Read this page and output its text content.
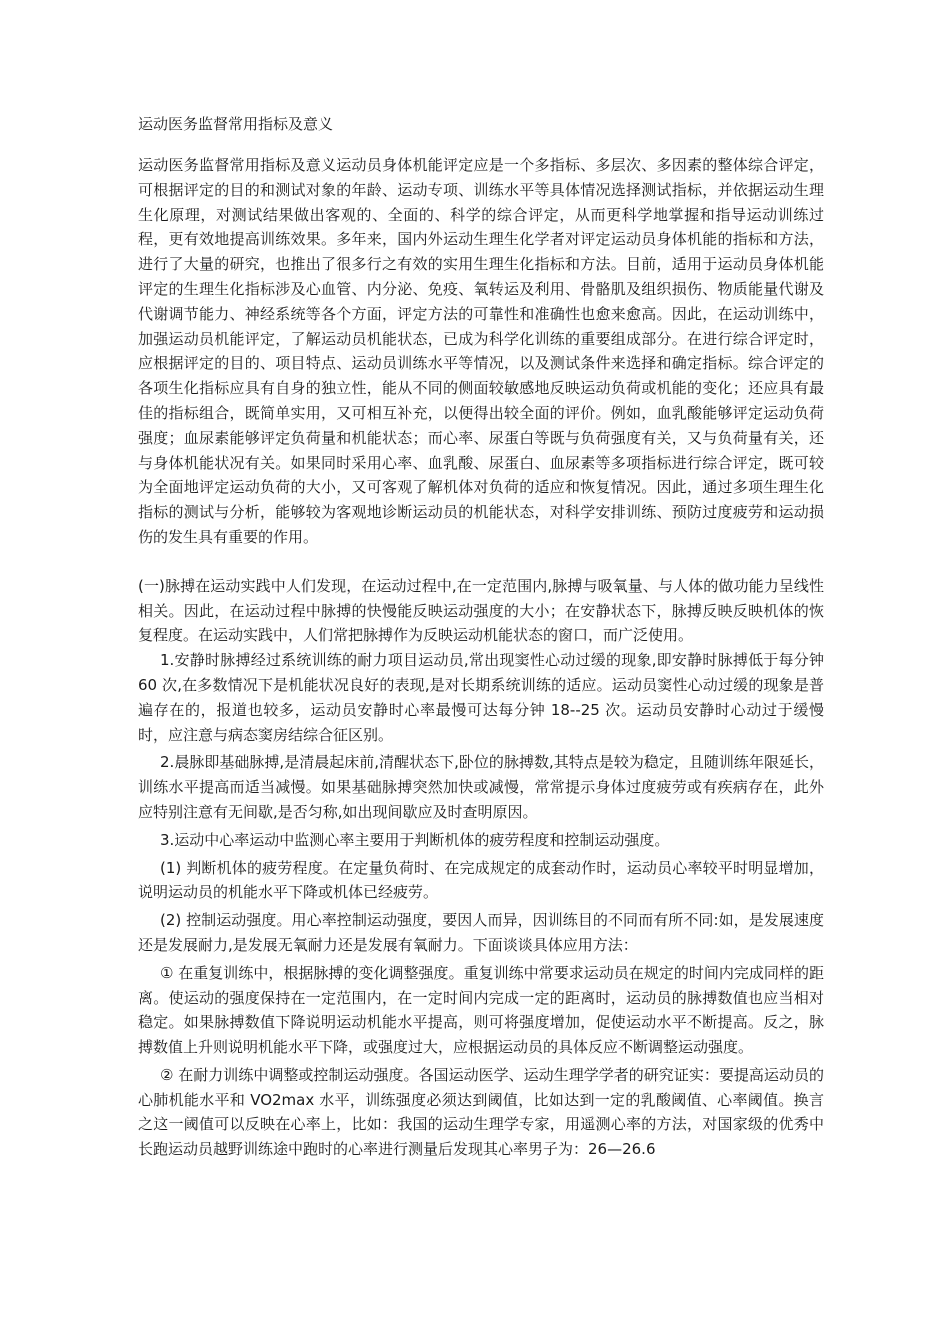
运动医务监督常用指标及意义

运动医务监督常用指标及意义运动员身体机能评定应是一个多指标、多层次、多因素的整体综合评定，可根据评定的目的和测试对象的年龄、运动专项、训练水平等具体情况选择测试指标，并依据运动生理生化原理，对测试结果做出客观的、全面的、科学的综合评定，从而更科学地掌握和指导运动训练过程，更有效地提高训练效果。多年来，国内外运动生理生化学者对评定运动员身体机能的指标和方法，进行了大量的研究，也推出了很多行之有效的实用生理生化指标和方法。目前，适用于运动员身体机能评定的生理生化指标涉及心血管、内分泌、免疫、氧转运及利用、骨骼肌及组织损伤、物质能量代谢及代谢调节能力、神经系统等各个方面，评定方法的可靠性和准确性也愈来愈高。因此，在运动训练中，加强运动员机能评定，了解运动员机能状态，已成为科学化训练的重要组成部分。在进行综合评定时，应根据评定的目的、项目特点、运动员训练水平等情况，以及测试条件来选择和确定指标。综合评定的各项生化指标应具有自身的独立性，能从不同的侧面较敏感地反映运动负荷或机能的变化；还应具有最佳的指标组合，既简单实用，又可相互补充，以便得出较全面的评价。例如，血乳酸能够评定运动负荷强度；血尿素能够评定负荷量和机能状态；而心率、尿蛋白等既与负荷强度有关，又与负荷量有关，还与身体机能状况有关。如果同时采用心率、血乳酸、尿蛋白、血尿素等多项指标进行综合评定，既可较为全面地评定运动负荷的大小，又可客观了解机体对负荷的适应和恢复情况。因此，通过多项生理生化指标的测试与分析，能够较为客观地诊断运动员的机能状态，对科学安排训练、预防过度疲劳和运动损伤的发生具有重要的作用。

(一)脉搏在运动实践中人们发现，在运动过程中,在一定范围内,脉搏与吸氧量、与人体的做功能力呈线性相关。因此，在运动过程中脉搏的快慢能反映运动强度的大小；在安静状态下，脉搏反映反映机体的恢复程度。在运动实践中，人们常把脉搏作为反映运动机能状态的窗口，而广泛使用。

1.安静时脉搏经过系统训练的耐力项目运动员,常出现窦性心动过缓的现象,即安静时脉搏低于每分钟 60 次,在多数情况下是机能状况良好的表现,是对长期系统训练的适应。运动员窦性心动过缓的现象是普遍存在的，报道也较多，运动员安静时心率最慢可达每分钟 18--25 次。运动员安静时心动过于缓慢时，应注意与病态窦房结综合征区别。

2.晨脉即基础脉搏,是清晨起床前,清醒状态下,卧位的脉搏数,其特点是较为稳定，且随训练年限延长，训练水平提高而适当减慢。如果基础脉搏突然加快或减慢，常常提示身体过度疲劳或有疾病存在，此外应特别注意有无间歇,是否匀称,如出现间歇应及时查明原因。

3.运动中心率运动中监测心率主要用于判断机体的疲劳程度和控制运动强度。

(1) 判断机体的疲劳程度。在定量负荷时、在完成规定的成套动作时，运动员心率较平时明显增加，说明运动员的机能水平下降或机体已经疲劳。

(2) 控制运动强度。用心率控制运动强度，要因人而异，因训练目的不同而有所不同:如，是发展速度还是发展耐力,是发展无氧耐力还是发展有氧耐力。下面谈谈具体应用方法：

① 在重复训练中，根据脉搏的变化调整强度。重复训练中常要求运动员在规定的时间内完成同样的距离。使运动的强度保持在一定范围内，在一定时间内完成一定的距离时，运动员的脉搏数值也应当相对稳定。如果脉搏数值下降说明运动机能水平提高，则可将强度增加，促使运动水平不断提高。反之，脉搏数值上升则说明机能水平下降，或强度过大，应根据运动员的具体反应不断调整运动强度。

② 在耐力训练中调整或控制运动强度。各国运动医学、运动生理学学者的研究证实：要提高运动员的心肺机能水平和 VO2max 水平，训练强度必须达到阈值，比如达到一定的乳酸阈值、心率阈值。换言之这一阈值可以反映在心率上，比如：我国的运动生理学专家，用遥测心率的方法，对国家级的优秀中长跑运动员越野训练途中跑时的心率进行测量后发现其心率男子为：26—26.6
